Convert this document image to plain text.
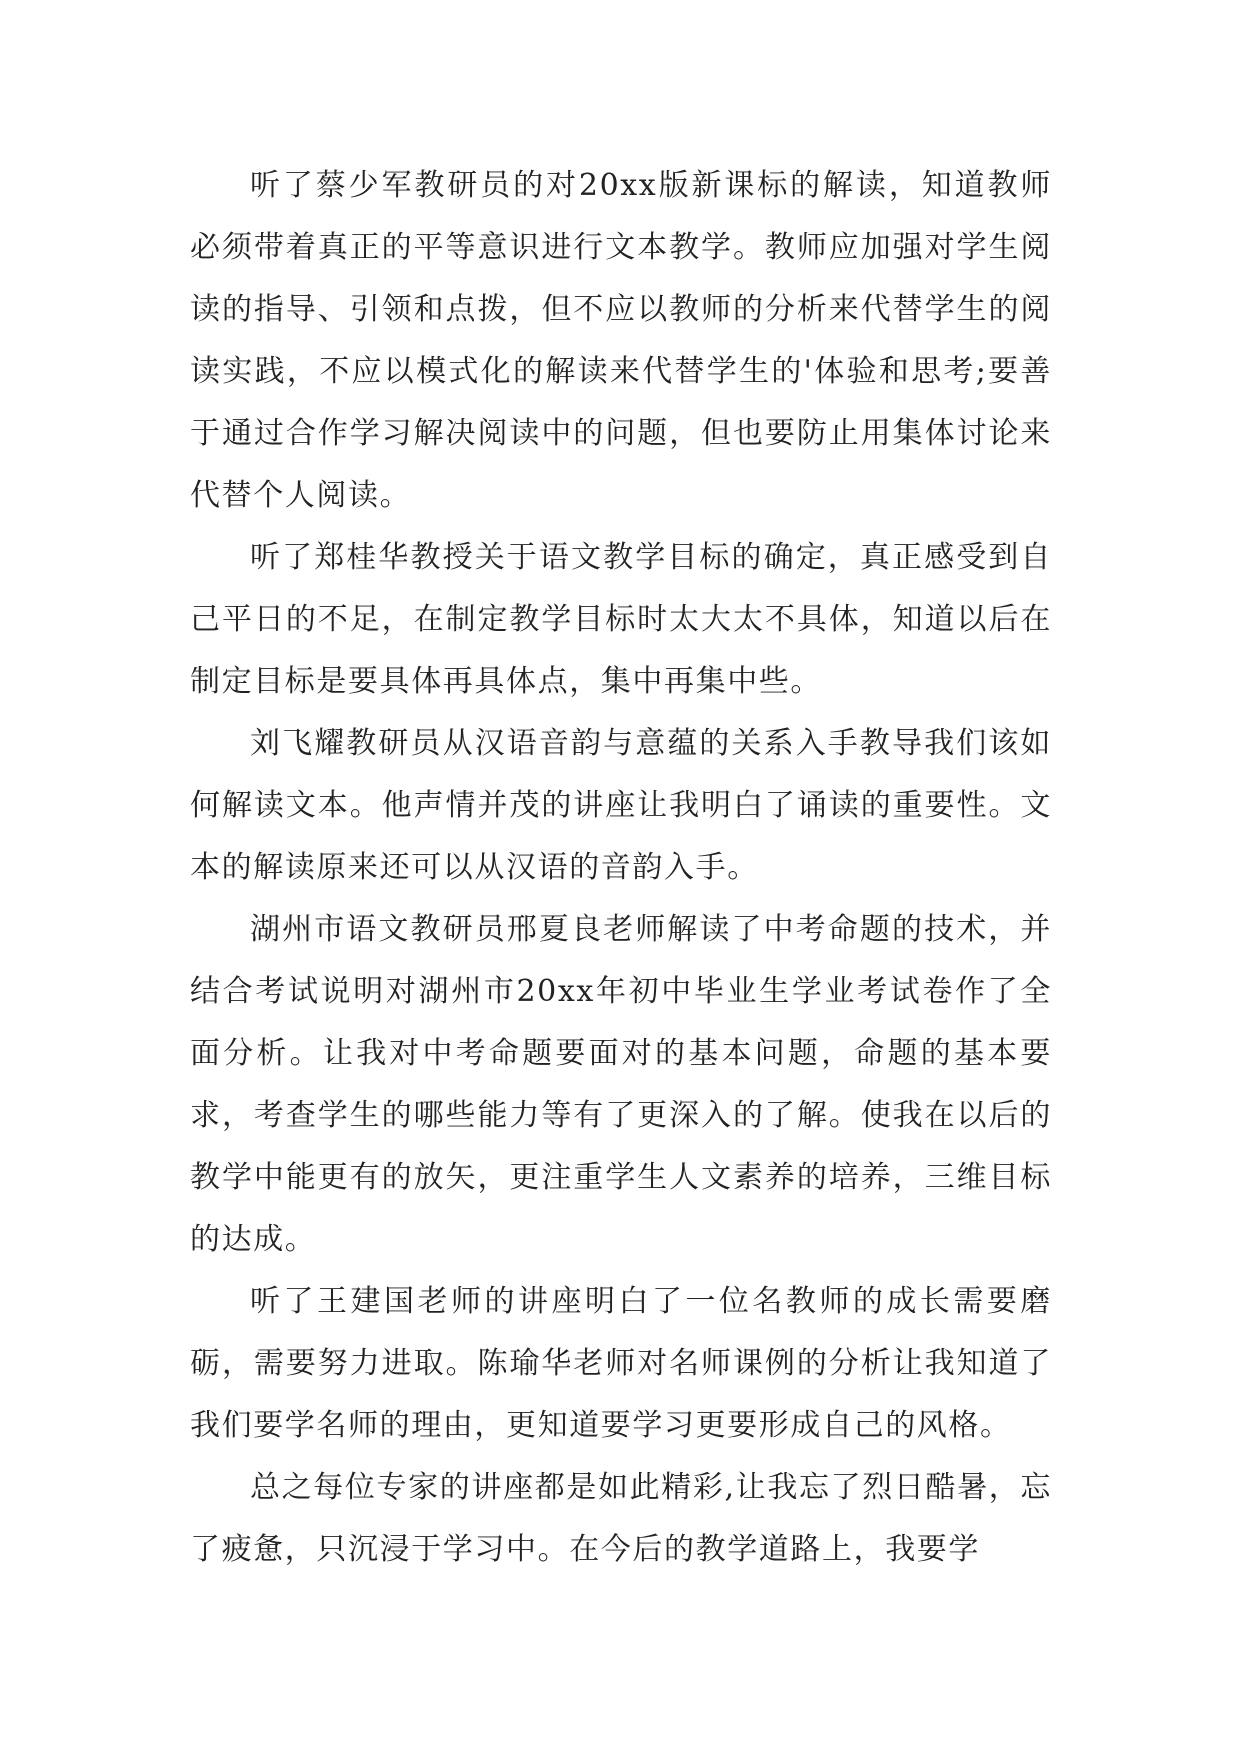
听了蔡少军教研员的对20xx版新课标的解读，知道教师必须带着真正的平等意识进行文本教学。教师应加强对学生阅读的指导、引领和点拨，但不应以教师的分析来代替学生的阅读实践，不应以模式化的解读来代替学生的'体验和思考;要善于通过合作学习解决阅读中的问题，但也要防止用集体讨论来代替个人阅读。

听了郑桂华教授关于语文教学目标的确定，真正感受到自己平日的不足，在制定教学目标时太大太不具体，知道以后在制定目标是要具体再具体点，集中再集中些。

刘飞耀教研员从汉语音韵与意蕴的关系入手教导我们该如何解读文本。他声情并茂的讲座让我明白了诵读的重要性。文本的解读原来还可以从汉语的音韵入手。

湖州市语文教研员邢夏良老师解读了中考命题的技术，并结合考试说明对湖州市20xx年初中毕业生学业考试卷作了全面分析。让我对中考命题要面对的基本问题，命题的基本要求，考查学生的哪些能力等有了更深入的了解。使我在以后的教学中能更有的放矢，更注重学生人文素养的培养，三维目标的达成。

听了王建国老师的讲座明白了一位名教师的成长需要磨砺，需要努力进取。陈瑜华老师对名师课例的分析让我知道了我们要学名师的理由，更知道要学习更要形成自己的风格。

总之每位专家的讲座都是如此精彩,让我忘了烈日酷暑，忘了疲惫，只沉浸于学习中。在今后的教学道路上，我要学
